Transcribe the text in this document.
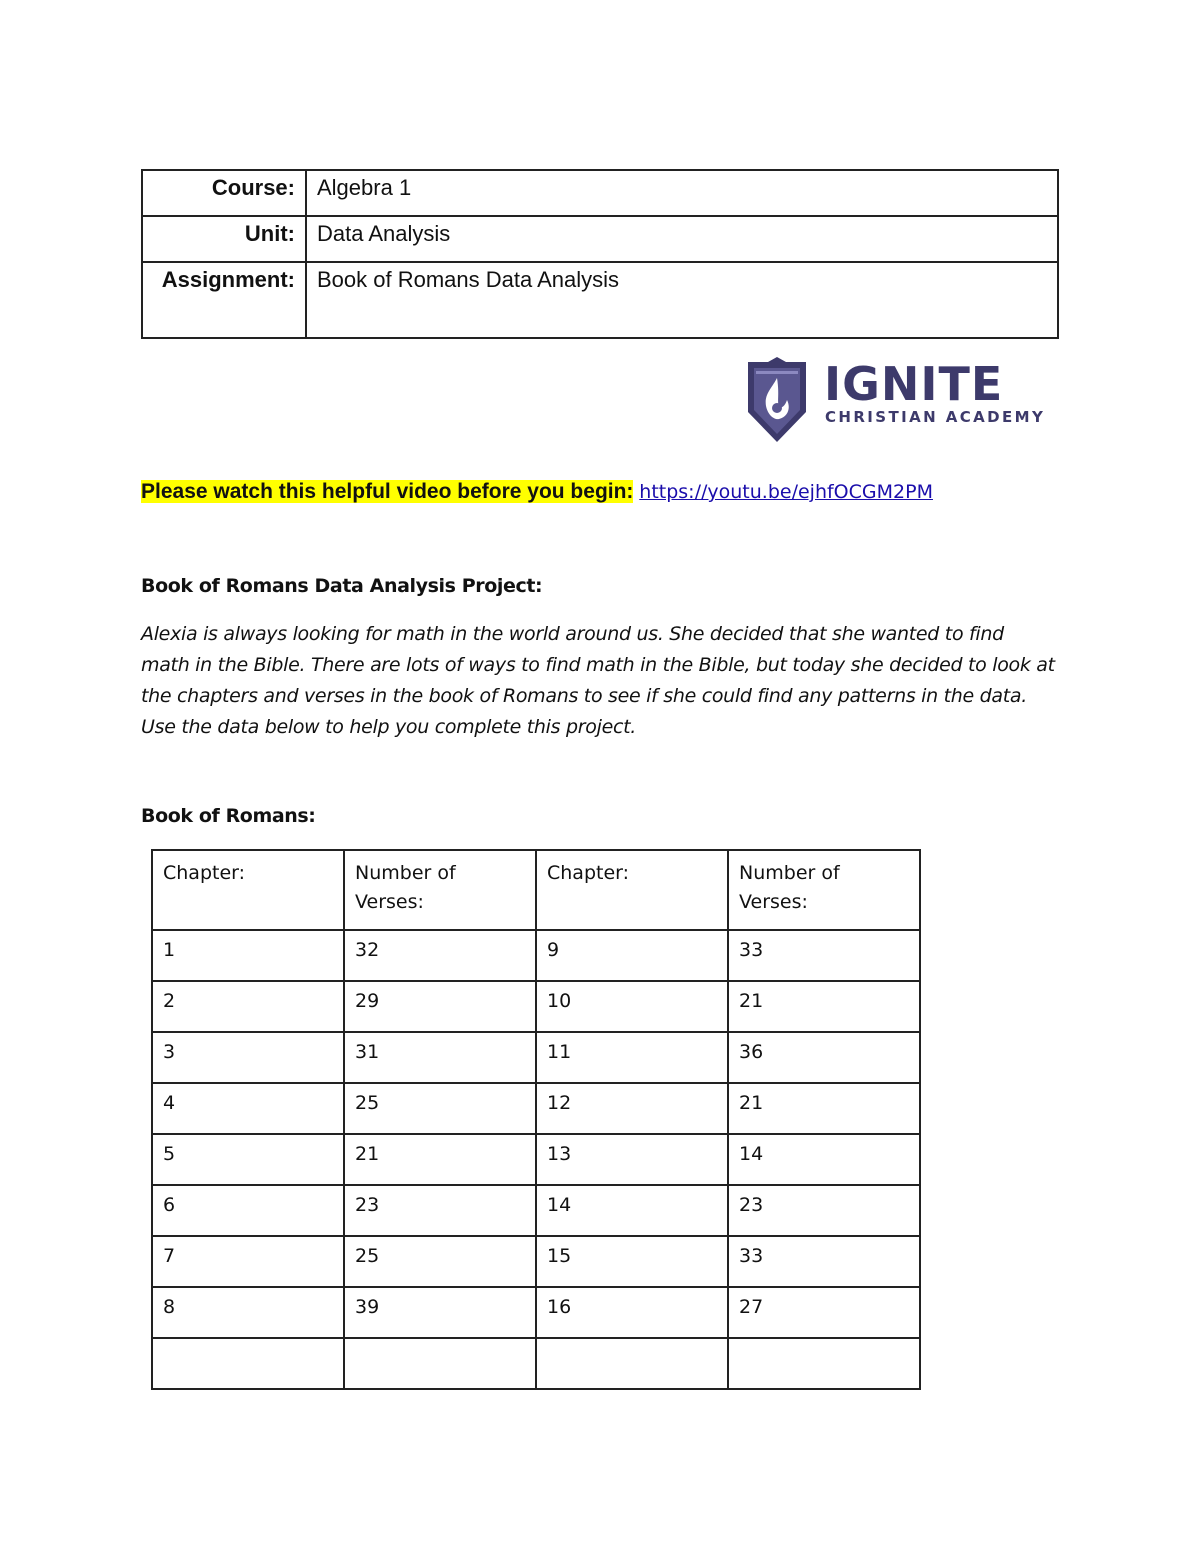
Course:	Algebra 1
Unit:	Data Analysis
Assignment:	Book of Romans Data Analysis
IGNITE
CHRISTIAN ACADEMY
Please watch this helpful video before you begin: https://youtu.be/ejhfOCGM2PM
Book of Romans Data Analysis Project:

Alexia is always looking for math in the world around us. She decided that she wanted to find math in the Bible. There are lots of ways to find math in the Bible, but today she decided to look at the chapters and verses in the book of Romans to see if she could find any patterns in the data. Use the data below to help you complete this project.

Book of Romans:
Chapter:	Number of Verses:	Chapter:	Number of Verses:
1	32	9	33
2	29	10	21
3	31	11	36
4	25	12	21
5	21	13	14
6	23	14	23
7	25	15	33
8	39	16	27
